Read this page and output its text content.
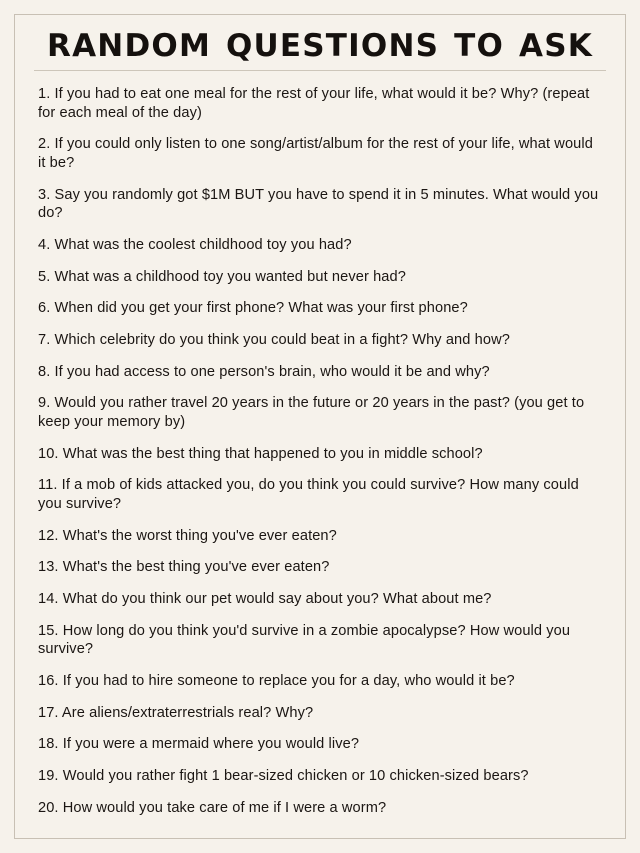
RANDOM QUESTIONS TO ASK
1. If you had to eat one meal for the rest of your life, what would it be? Why? (repeat for each meal of the day)
2. If you could only listen to one song/artist/album for the rest of your life, what would it be?
3. Say you randomly got $1M BUT you have to spend it in 5 minutes. What would you do?
4. What was the coolest childhood toy you had?
5. What was a childhood toy you wanted but never had?
6. When did you get your first phone? What was your first phone?
7. Which celebrity do you think you could beat in a fight? Why and how?
8. If you had access to one person's brain, who would it be and why?
9. Would you rather travel 20 years in the future or 20 years in the past? (you get to keep your memory by)
10. What was the best thing that happened to you in middle school?
11. If a mob of kids attacked you, do you think you could survive? How many could you survive?
12. What's the worst thing you've ever eaten?
13. What's the best thing you've ever eaten?
14. What do you think our pet would say about you? What about me?
15. How long do you think you'd survive in a zombie apocalypse? How would you survive?
16. If you had to hire someone to replace you for a day, who would it be?
17. Are aliens/extraterrestrials real? Why?
18. If you were a mermaid where you would live?
19. Would you rather fight 1 bear-sized chicken or 10 chicken-sized bears?
20. How would you take care of me if I were a worm?
